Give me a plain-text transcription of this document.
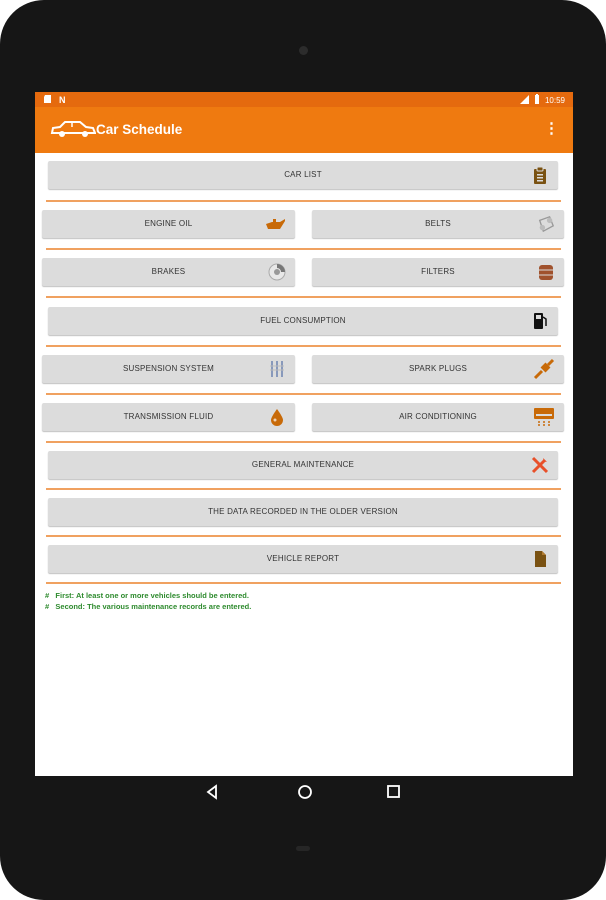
N	10:59
Car Schedule	⋮
CAR LIST
ENGINE OIL	BELTS
BRAKES	FILTERS
FUEL CONSUMPTION
SUSPENSION SYSTEM	SPARK PLUGS
TRANSMISSION FLUID	AIR CONDITIONING
GENERAL MAINTENANCE
THE DATA RECORDED IN THE OLDER VERSION
VEHICLE REPORT
#   First: At least one or more vehicles should be entered.
#   Second: The various maintenance records are entered.
